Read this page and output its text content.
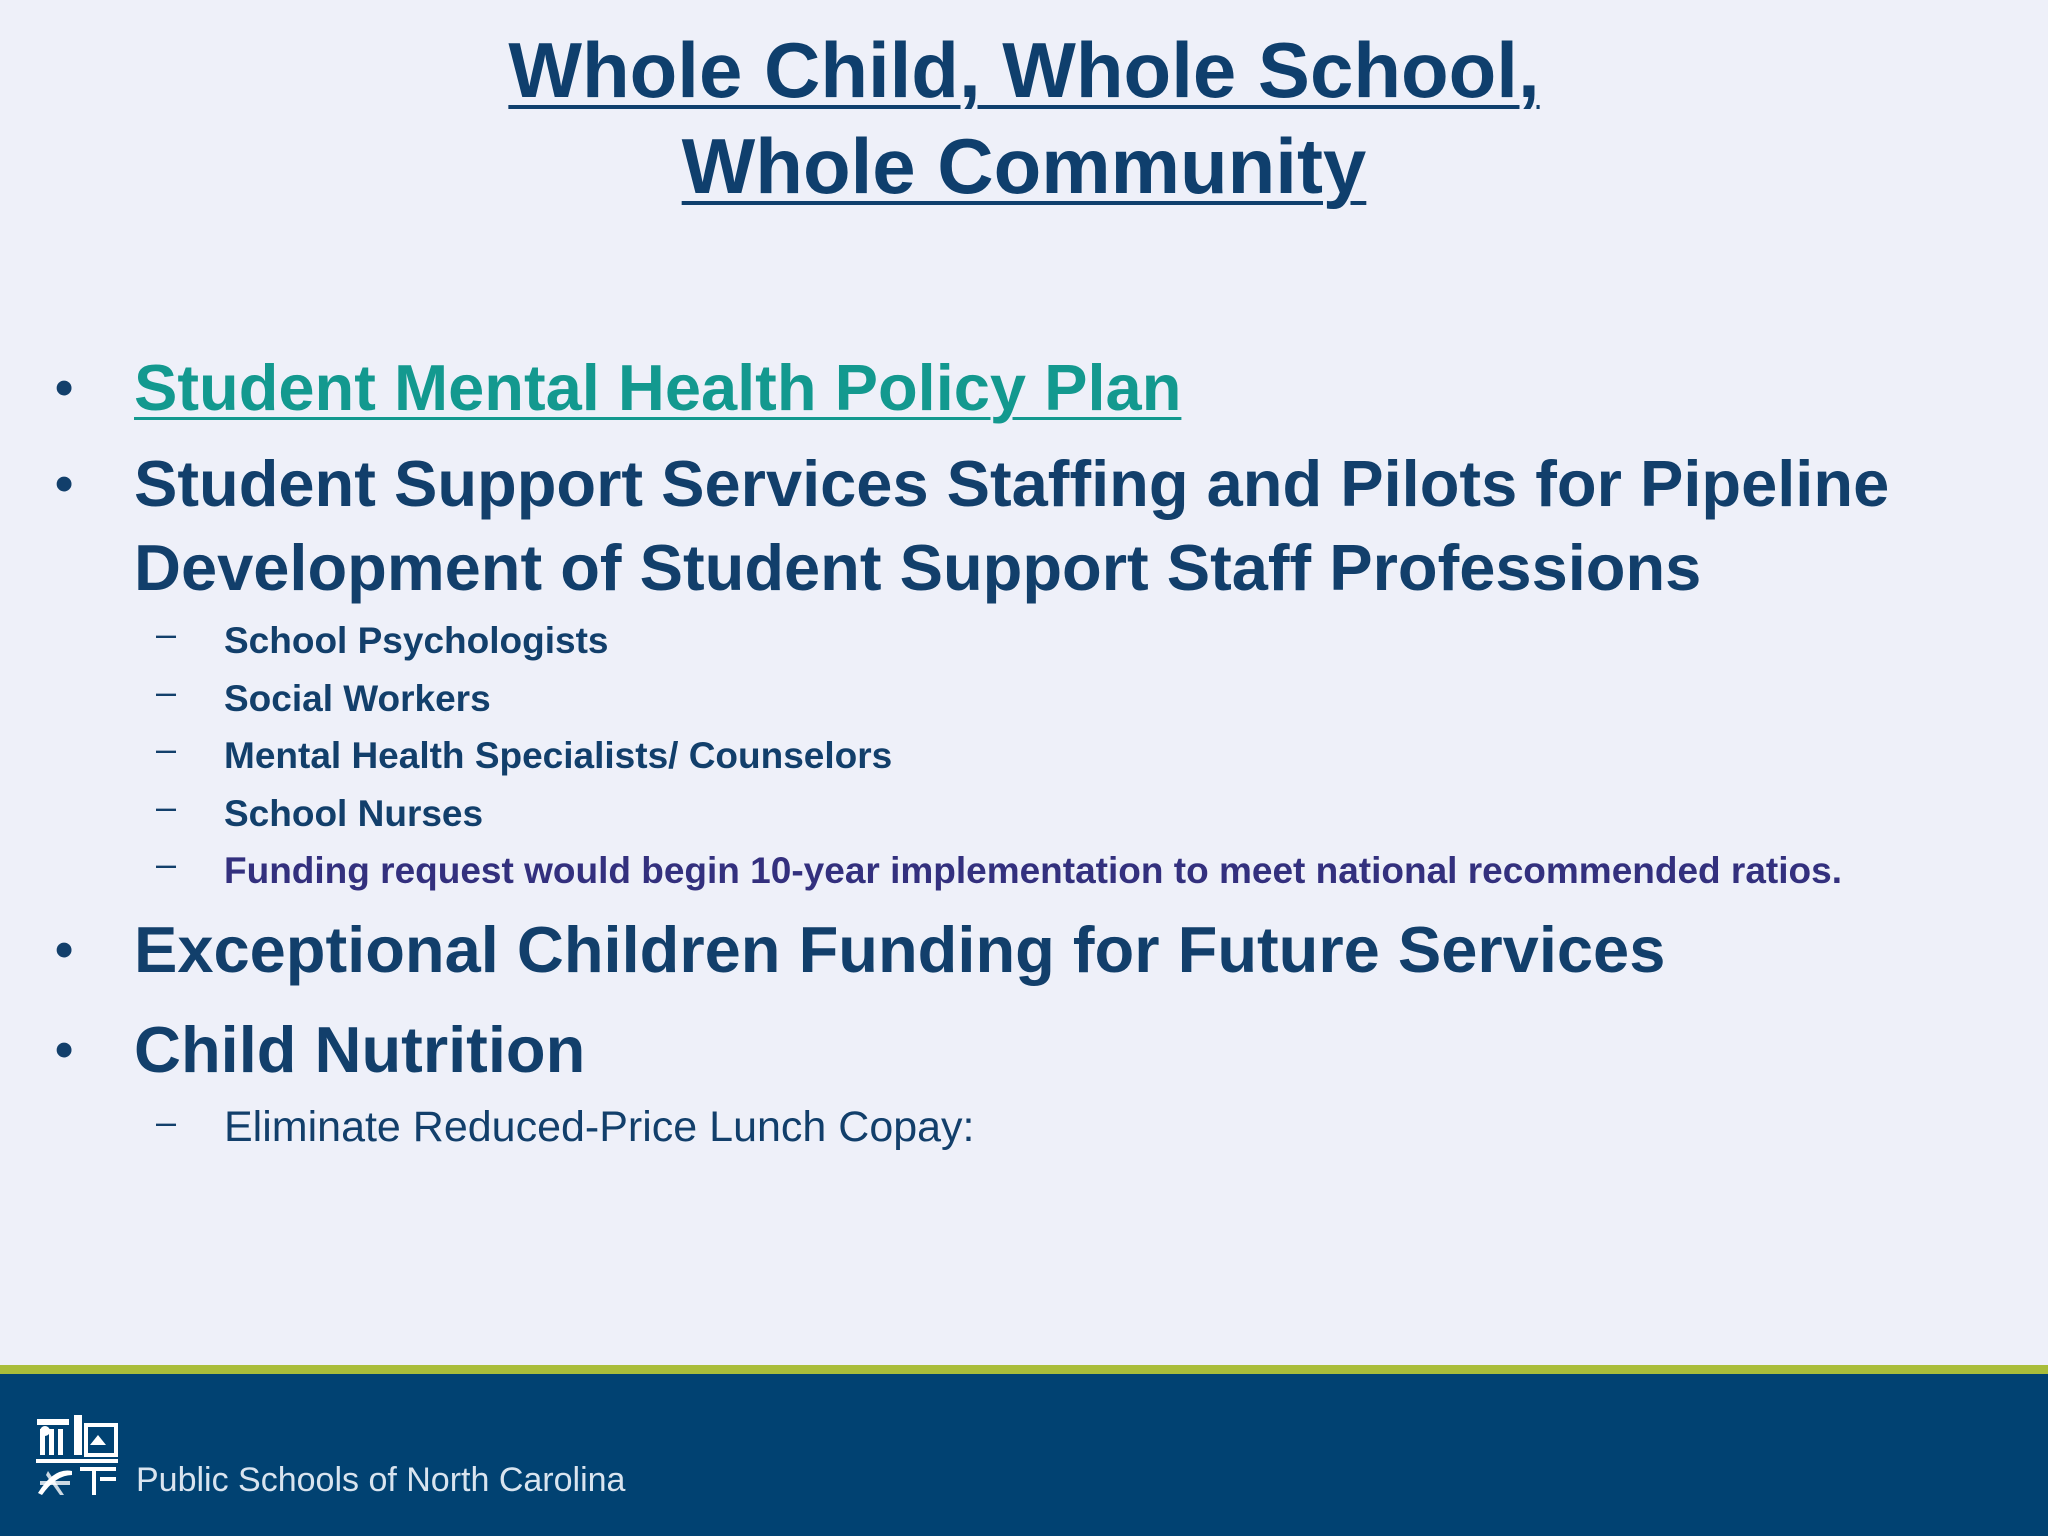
Whole Child, Whole School,
Whole Community
• Student Mental Health Policy Plan
• Student Support Services Staffing and Pilots for Pipeline
Development of Student Support Staff Professions
– School Psychologists
– Social Workers
– Mental Health Specialists/ Counselors
– School Nurses
– Funding request would begin 10-year implementation to meet national recommended ratios.
• Exceptional Children Funding for Future Services
• Child Nutrition
– Eliminate Reduced-Price Lunch Copay:
Public Schools of North Carolina
